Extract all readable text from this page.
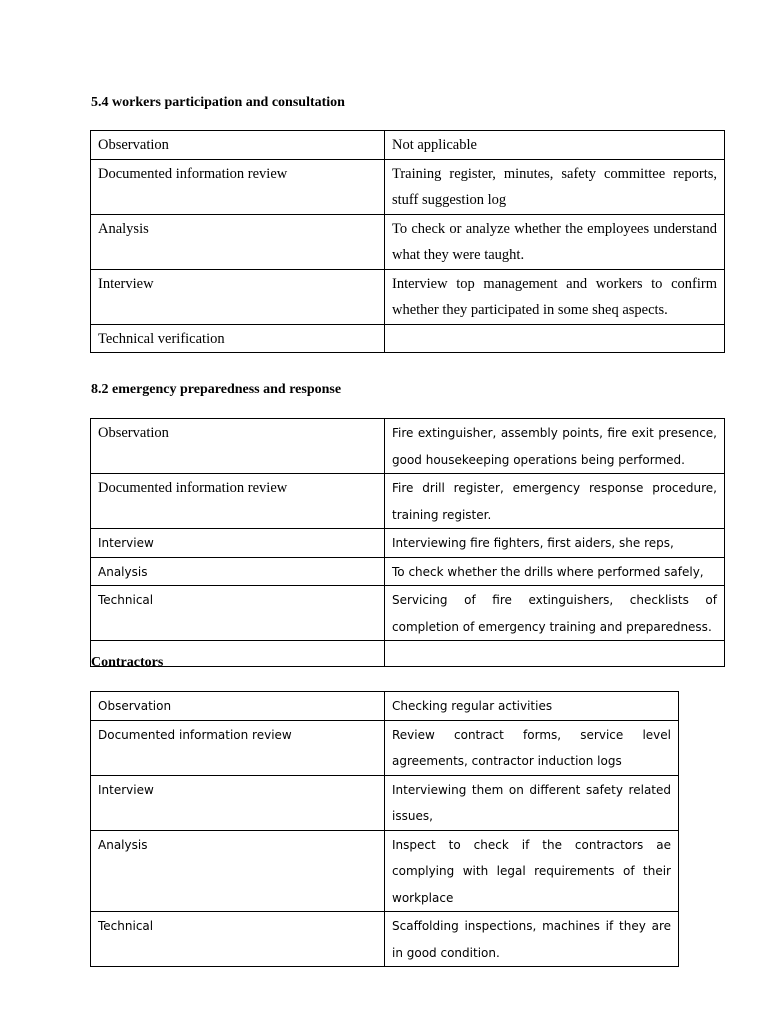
5.4 workers participation and consultation
Observation	Not applicable
Documented information review	Training register, minutes, safety committee reports, stuff suggestion log
Analysis	To check or analyze whether the employees understand what they were taught.
Interview	Interview top management and workers to confirm whether they participated in some sheq aspects.
Technical verification	
8.2 emergency preparedness and response
Observation	Fire extinguisher, assembly points, fire exit presence, good housekeeping operations being performed.
Documented information review	Fire drill register, emergency response procedure, training register.
Interview	Interviewing fire fighters, first aiders, she reps,
Analysis	To check whether the drills where performed safely,
Technical	Servicing of fire extinguishers, checklists of completion of emergency training and preparedness.

Contractors
Observation	Checking regular activities
Documented information review	Review contract forms, service level agreements, contractor induction logs
Interview	Interviewing them on different safety related issues,
Analysis	Inspect to check if the contractors ae complying with legal requirements of their workplace
Technical	Scaffolding inspections, machines if they are in good condition.
